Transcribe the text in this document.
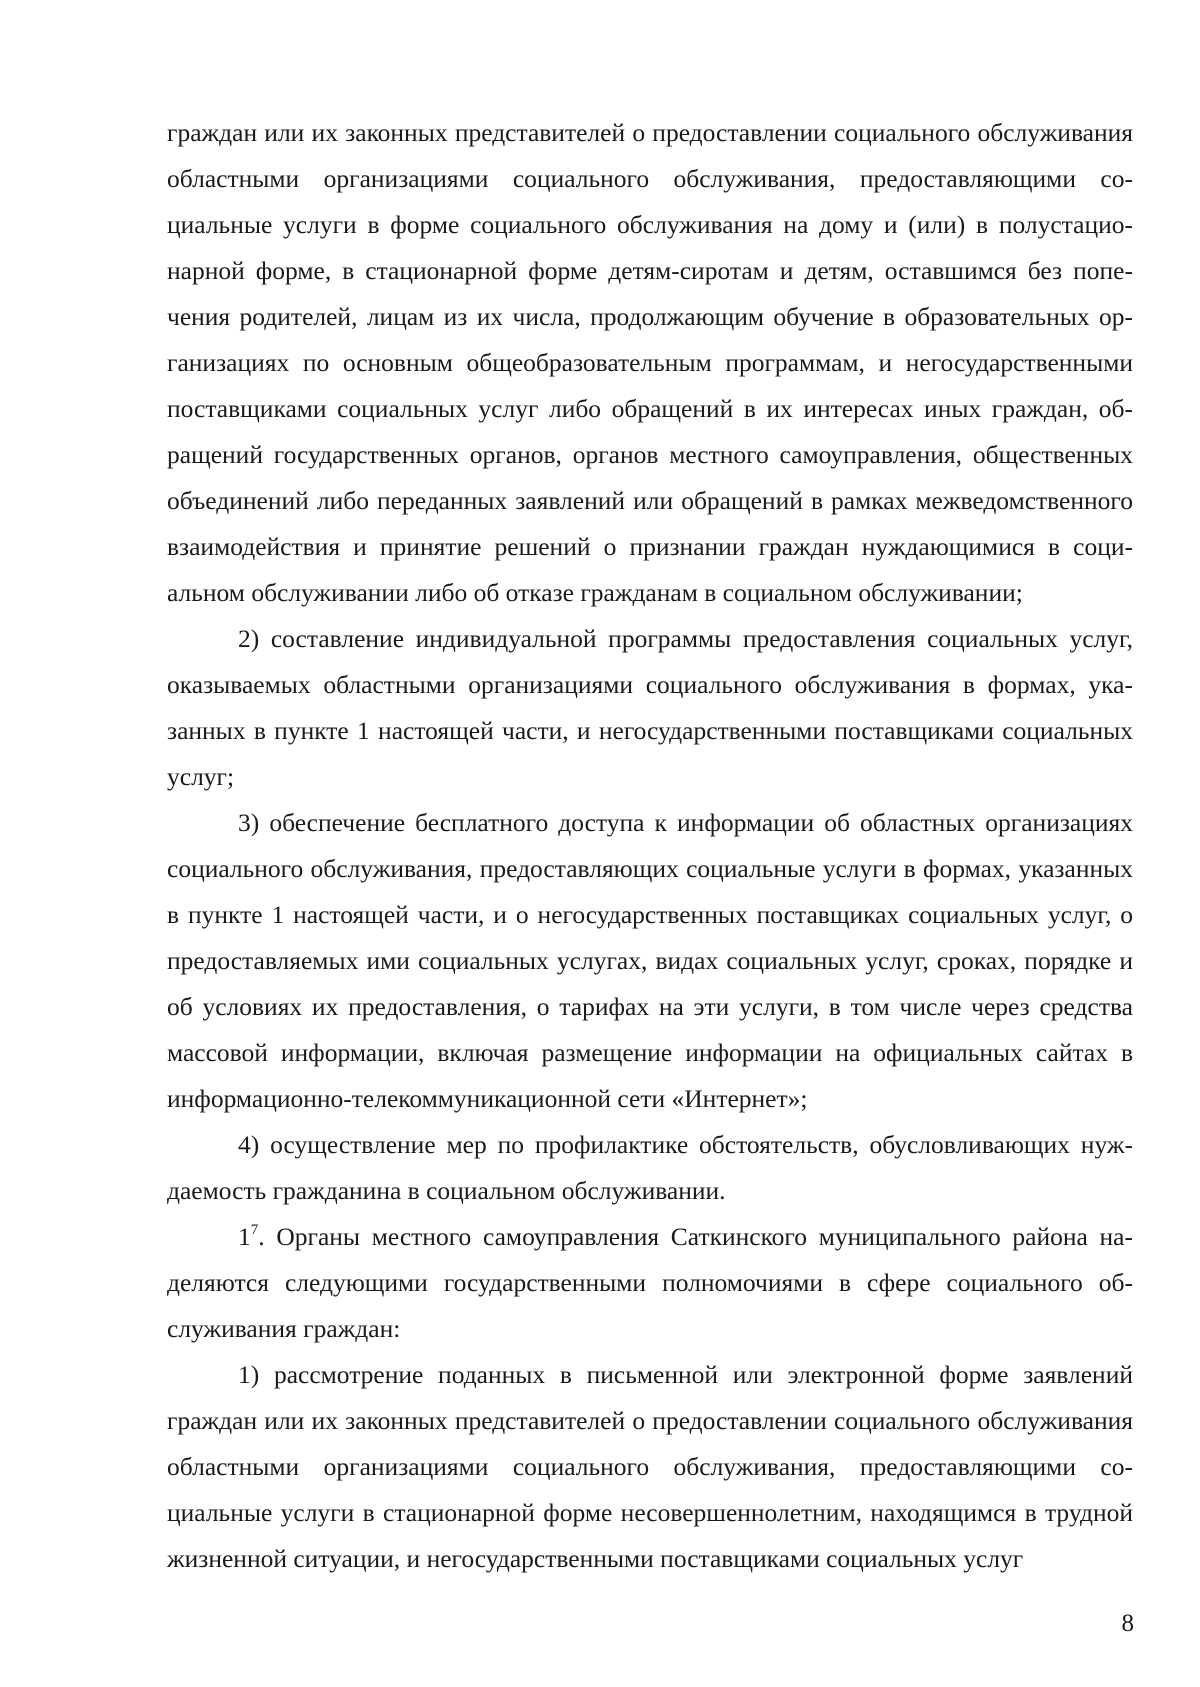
граждан или их законных представителей о предоставлении социального обслуживания областными организациями социального обслуживания, предоставляющими социальные услуги в форме социального обслуживания на дому и (или) в полустационарной форме, в стационарной форме детям-сиротам и детям, оставшимся без попечения родителей, лицам из их числа, продолжающим обучение в образовательных организациях по основным общеобразовательным программам, и негосударственными поставщиками социальных услуг либо обращений в их интересах иных граждан, обращений государственных органов, органов местного самоуправления, общественных объединений либо переданных заявлений или обращений в рамках межведомственного взаимодействия и принятие решений о признании граждан нуждающимися в социальном обслуживании либо об отказе гражданам в социальном обслуживании;

2) составление индивидуальной программы предоставления социальных услуг, оказываемых областными организациями социального обслуживания в формах, указанных в пункте 1 настоящей части, и негосударственными поставщиками социальных услуг;

3) обеспечение бесплатного доступа к информации об областных организациях социального обслуживания, предоставляющих социальные услуги в формах, указанных в пункте 1 настоящей части, и о негосударственных поставщиках социальных услуг, о предоставляемых ими социальных услугах, видах социальных услуг, сроках, порядке и об условиях их предоставления, о тарифах на эти услуги, в том числе через средства массовой информации, включая размещение информации на официальных сайтах в информационно-телекоммуникационной сети «Интернет»;

4) осуществление мер по профилактике обстоятельств, обусловливающих нуждаемость гражданина в социальном обслуживании.

$1^7$. Органы местного самоуправления Саткинского муниципального района наделяются следующими государственными полномочиями в сфере социального обслуживания граждан:

1) рассмотрение поданных в письменной или электронной форме заявлений граждан или их законных представителей о предоставлении социального обслуживания областными организациями социального обслуживания, предоставляющими социальные услуги в стационарной форме несовершеннолетним, находящимся в трудной жизненной ситуации, и негосударственными поставщиками социальных услуг

8
